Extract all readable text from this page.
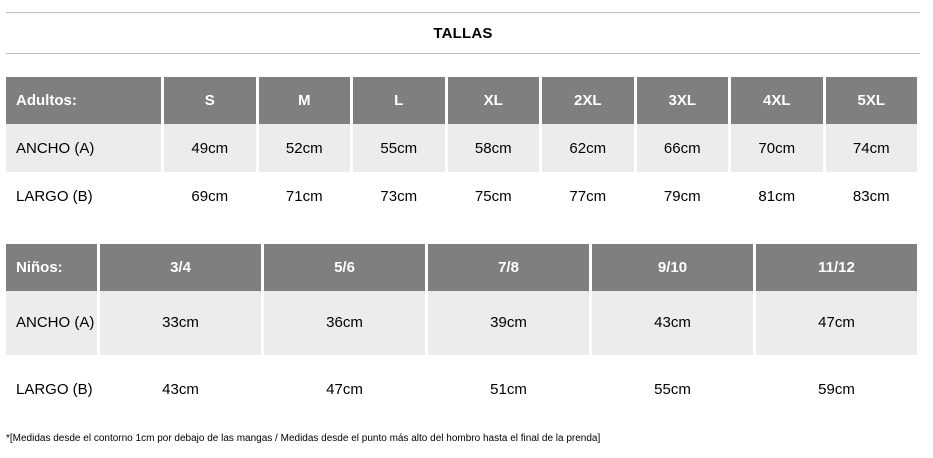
TALLAS
Adultos:	S	M	L	XL	2XL	3XL	4XL	5XL
ANCHO (A)	49cm	52cm	55cm	58cm	62cm	66cm	70cm	74cm
LARGO (B)	69cm	71cm	73cm	75cm	77cm	79cm	81cm	83cm
Niños:	3/4	5/6	7/8	9/10	11/12
ANCHO (A)	33cm	36cm	39cm	43cm	47cm
LARGO (B)	43cm	47cm	51cm	55cm	59cm
*[Medidas desde el contorno 1cm por debajo de las mangas / Medidas desde el punto más alto del hombro hasta el final de la prenda]
